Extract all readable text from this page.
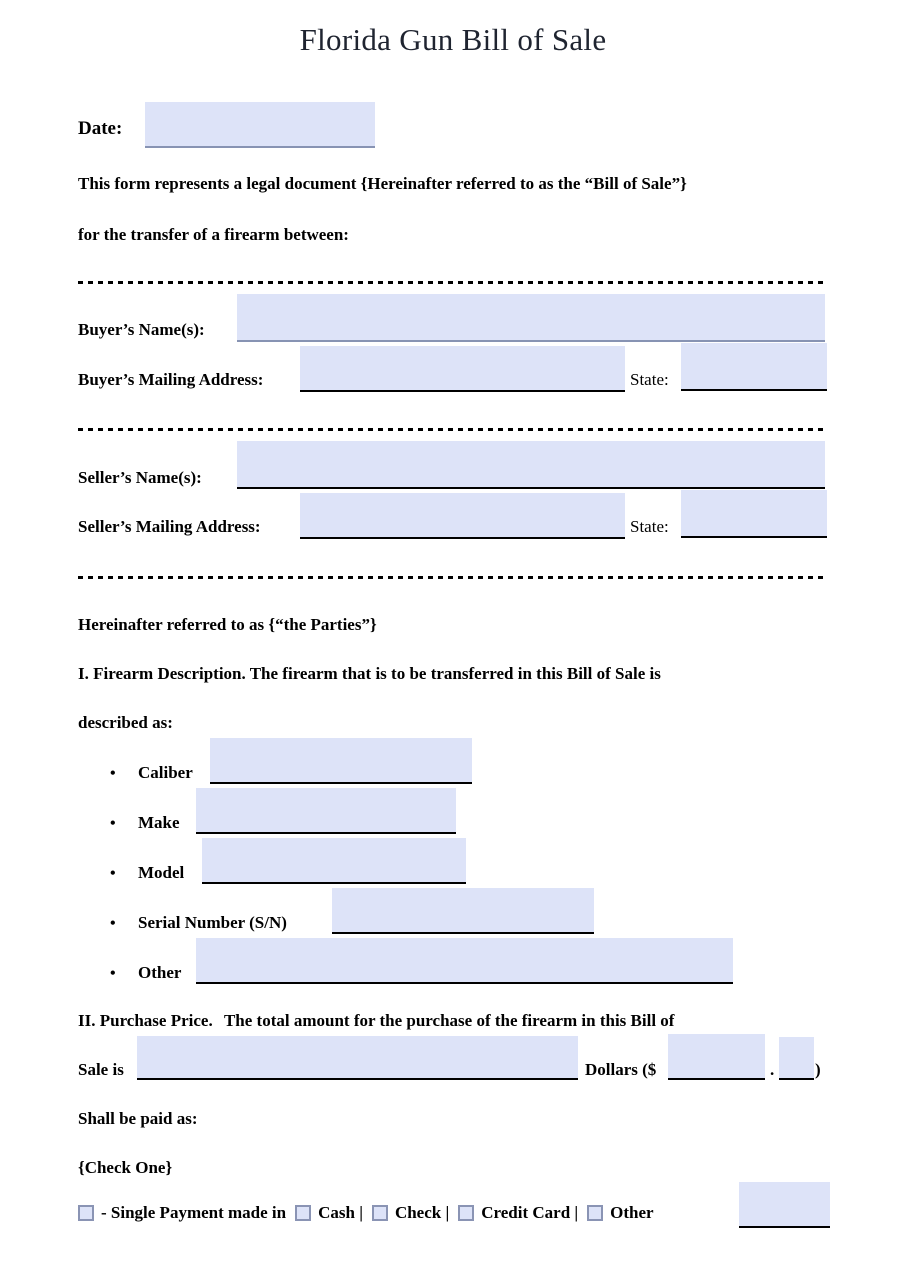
Florida Gun Bill of Sale
Date:
This form represents a legal document {Hereinafter referred to as the “Bill of Sale”}
for the transfer of a firearm between:
Buyer’s Name(s):
Buyer’s Mailing Address:	State:
Seller’s Name(s):
Seller’s Mailing Address:	State:
Hereinafter referred to as {“the Parties”}
I. Firearm Description. The firearm that is to be transferred in this Bill of Sale is
described as:
• Caliber
• Make
• Model
• Serial Number (S/N)
• Other
II. Purchase Price. The total amount for the purchase of the firearm in this Bill of
Sale is	Dollars ($	. )
Shall be paid as:
{Check One}
- Single Payment made in Cash | Check | Credit Card | Other
